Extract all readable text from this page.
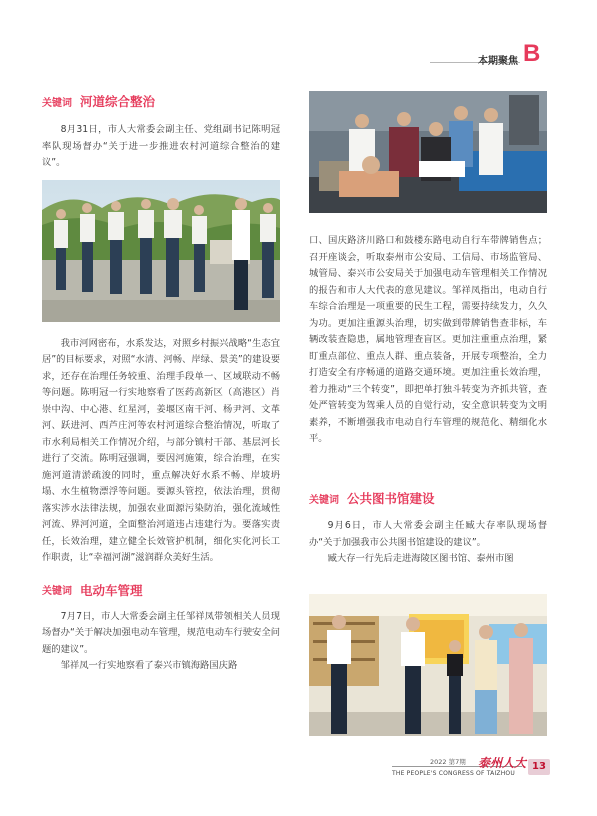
本期聚焦 B
关键词 河道综合整治

8月31日，市人大常委会副主任、党组副书记陈明冠率队现场督办“关于进一步推进农村河道综合整治的建议”。

我市河网密布，水系发达，对照乡村振兴战略“生态宜居”的目标要求，对照“水清、河畅、岸绿、景美”的建设要求，还存在治理任务较重、治理手段单一、区域联动不畅等问题。陈明冠一行实地察看了医药高新区（高港区）肖崇中沟、中心港、红星河，姜堰区南干河、杨尹河、文革河、跃进河、西芦庄河等农村河道综合整治情况，听取了市水利局相关工作情况介绍，与部分镇村干部、基层河长进行了交流。陈明冠强调，要因河施策，综合治理，在实施河道清淤疏浚的同时，重点解决好水系不畅、岸坡坍塌、水生植物漂浮等问题。要源头管控，依法治理，贯彻落实涉水法律法规，加强农业面源污染防治，强化流域性河流、界河河道，全面整治河道违占违建行为。要落实责任，长效治理，建立健全长效管护机制，细化实化河长工作职责，让“幸福河湖”滋润群众美好生活。

关键词 电动车管理

7月7日，市人大常委会副主任邹祥凤带领相关人员现场督办“关于解决加强电动车管理，规范电动车行驶安全问题的建议”。

邹祥凤一行实地察看了泰兴市镇海路国庆路

口、国庆路济川路口和鼓楼东路电动自行车带牌销售点；召开座谈会，听取泰州市公安局、工信局、市场监管局、城管局、泰兴市公安局关于加强电动车管理相关工作情况的报告和市人大代表的意见建议。邹祥凤指出，电动自行车综合治理是一项重要的民生工程，需要持续发力，久久为功。更加注重源头治理，切实做到带牌销售查非标，车辆改装查隐患，属地管理查盲区。更加注重重点治理，紧盯重点部位、重点人群、重点装备，开展专项整治，全力打造安全有序畅通的道路交通环境。更加注重长效治理，着力推动“三个转变”，即把单打独斗转变为齐抓共管，查处严管转变为驾乘人员的自觉行动，安全意识转变为文明素养，不断增强我市电动自行车管理的规范化、精细化水平。

关键词 公共图书馆建设

9月6日，市人大常委会副主任臧大存率队现场督办“关于加强我市公共图书馆建设的建议”。

臧大存一行先后走进海陵区图书馆、泰州市图

2022 第7期 泰州人大
THE PEOPLE'S CONGRESS OF TAIZHOU
13
